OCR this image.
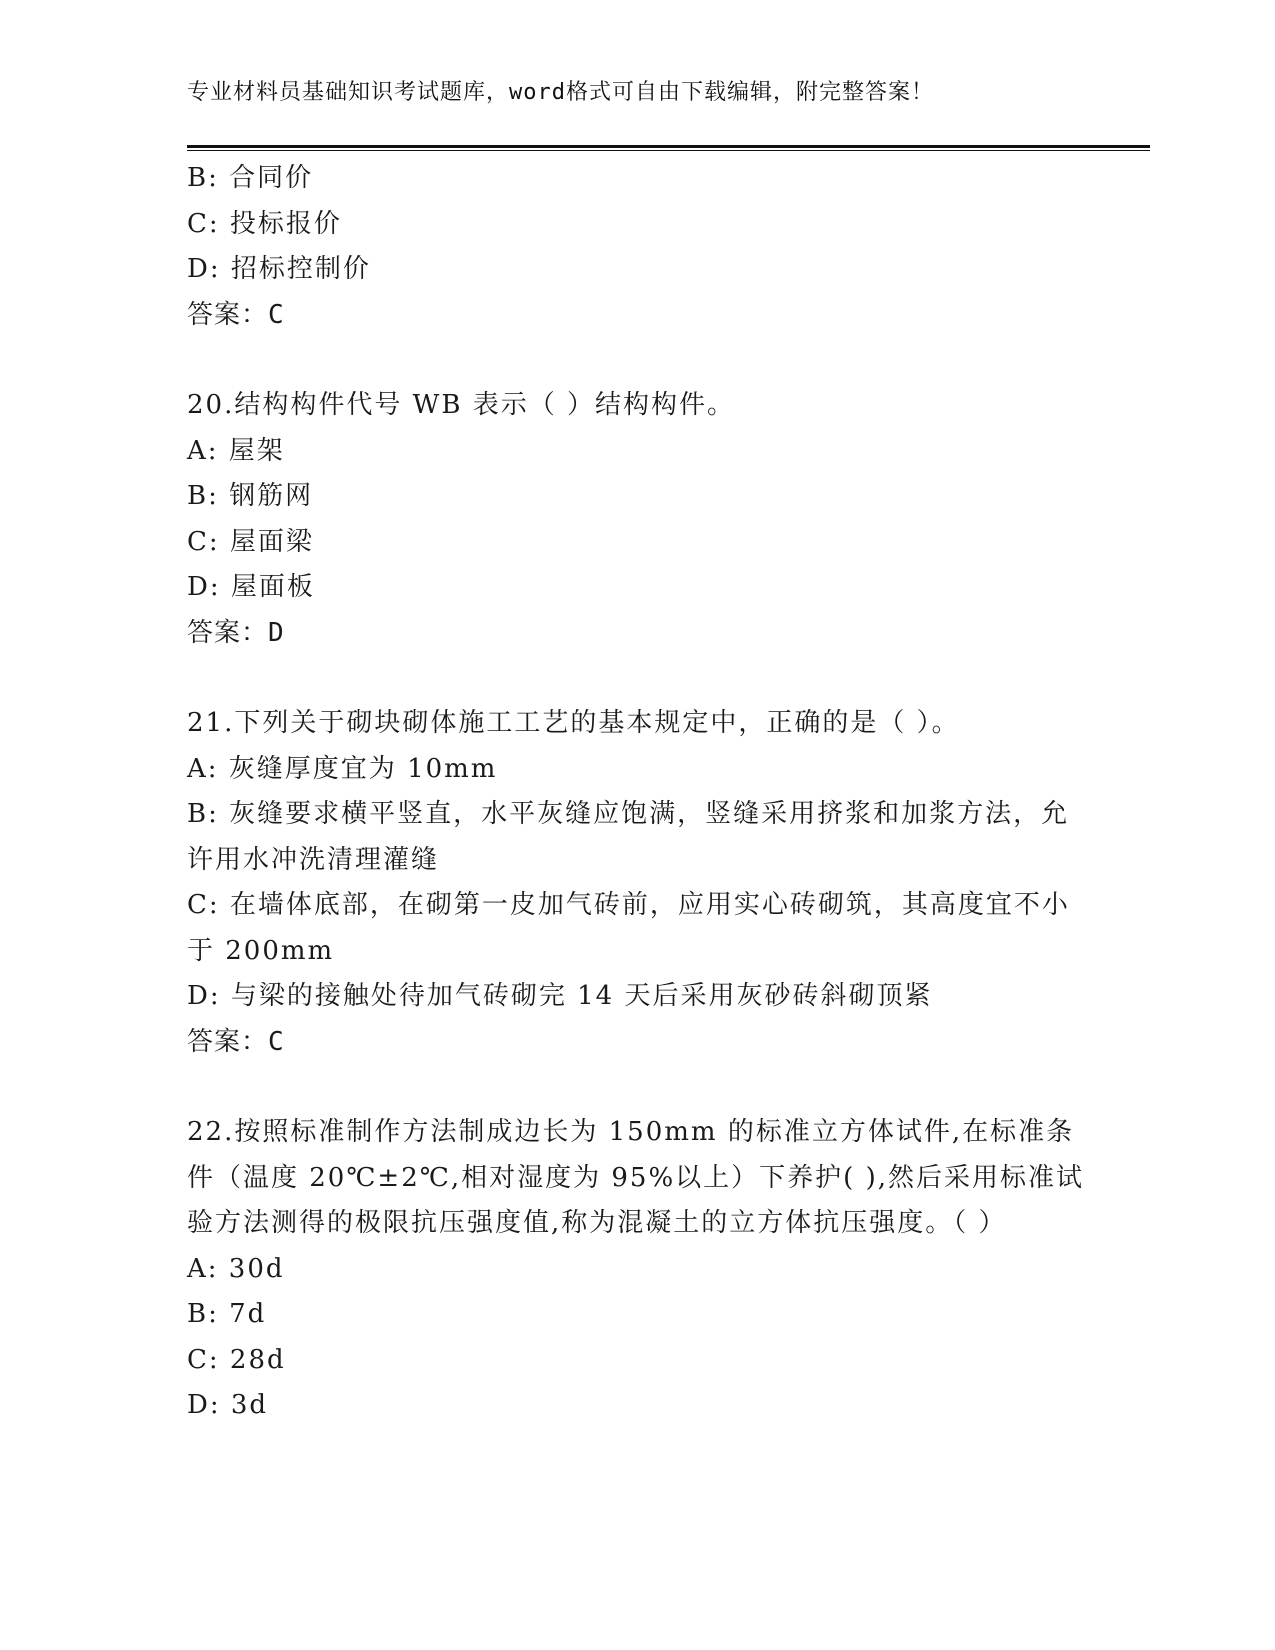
专业材料员基础知识考试题库，word格式可自由下载编辑，附完整答案！

B: 合同价

C: 投标报价

D: 招标控制价

答案：C

20.结构构件代号 WB 表示（ ）结构构件。

A: 屋架

B: 钢筋网

C: 屋面梁

D: 屋面板

答案：D

21.下列关于砌块砌体施工工艺的基本规定中，正确的是（ ）。

A: 灰缝厚度宜为 10mm

B: 灰缝要求横平竖直，水平灰缝应饱满，竖缝采用挤浆和加浆方法，允许用水冲洗清理灌缝

C: 在墙体底部，在砌第一皮加气砖前，应用实心砖砌筑，其高度宜不小于 200mm

D: 与梁的接触处待加气砖砌完 14 天后采用灰砂砖斜砌顶紧

答案：C

22.按照标准制作方法制成边长为 150mm 的标准立方体试件,在标准条件（温度 20℃±2℃,相对湿度为 95%以上）下养护( ),然后采用标准试验方法测得的极限抗压强度值,称为混凝土的立方体抗压强度。（ ）

A: 30d

B: 7d

C: 28d

D: 3d
